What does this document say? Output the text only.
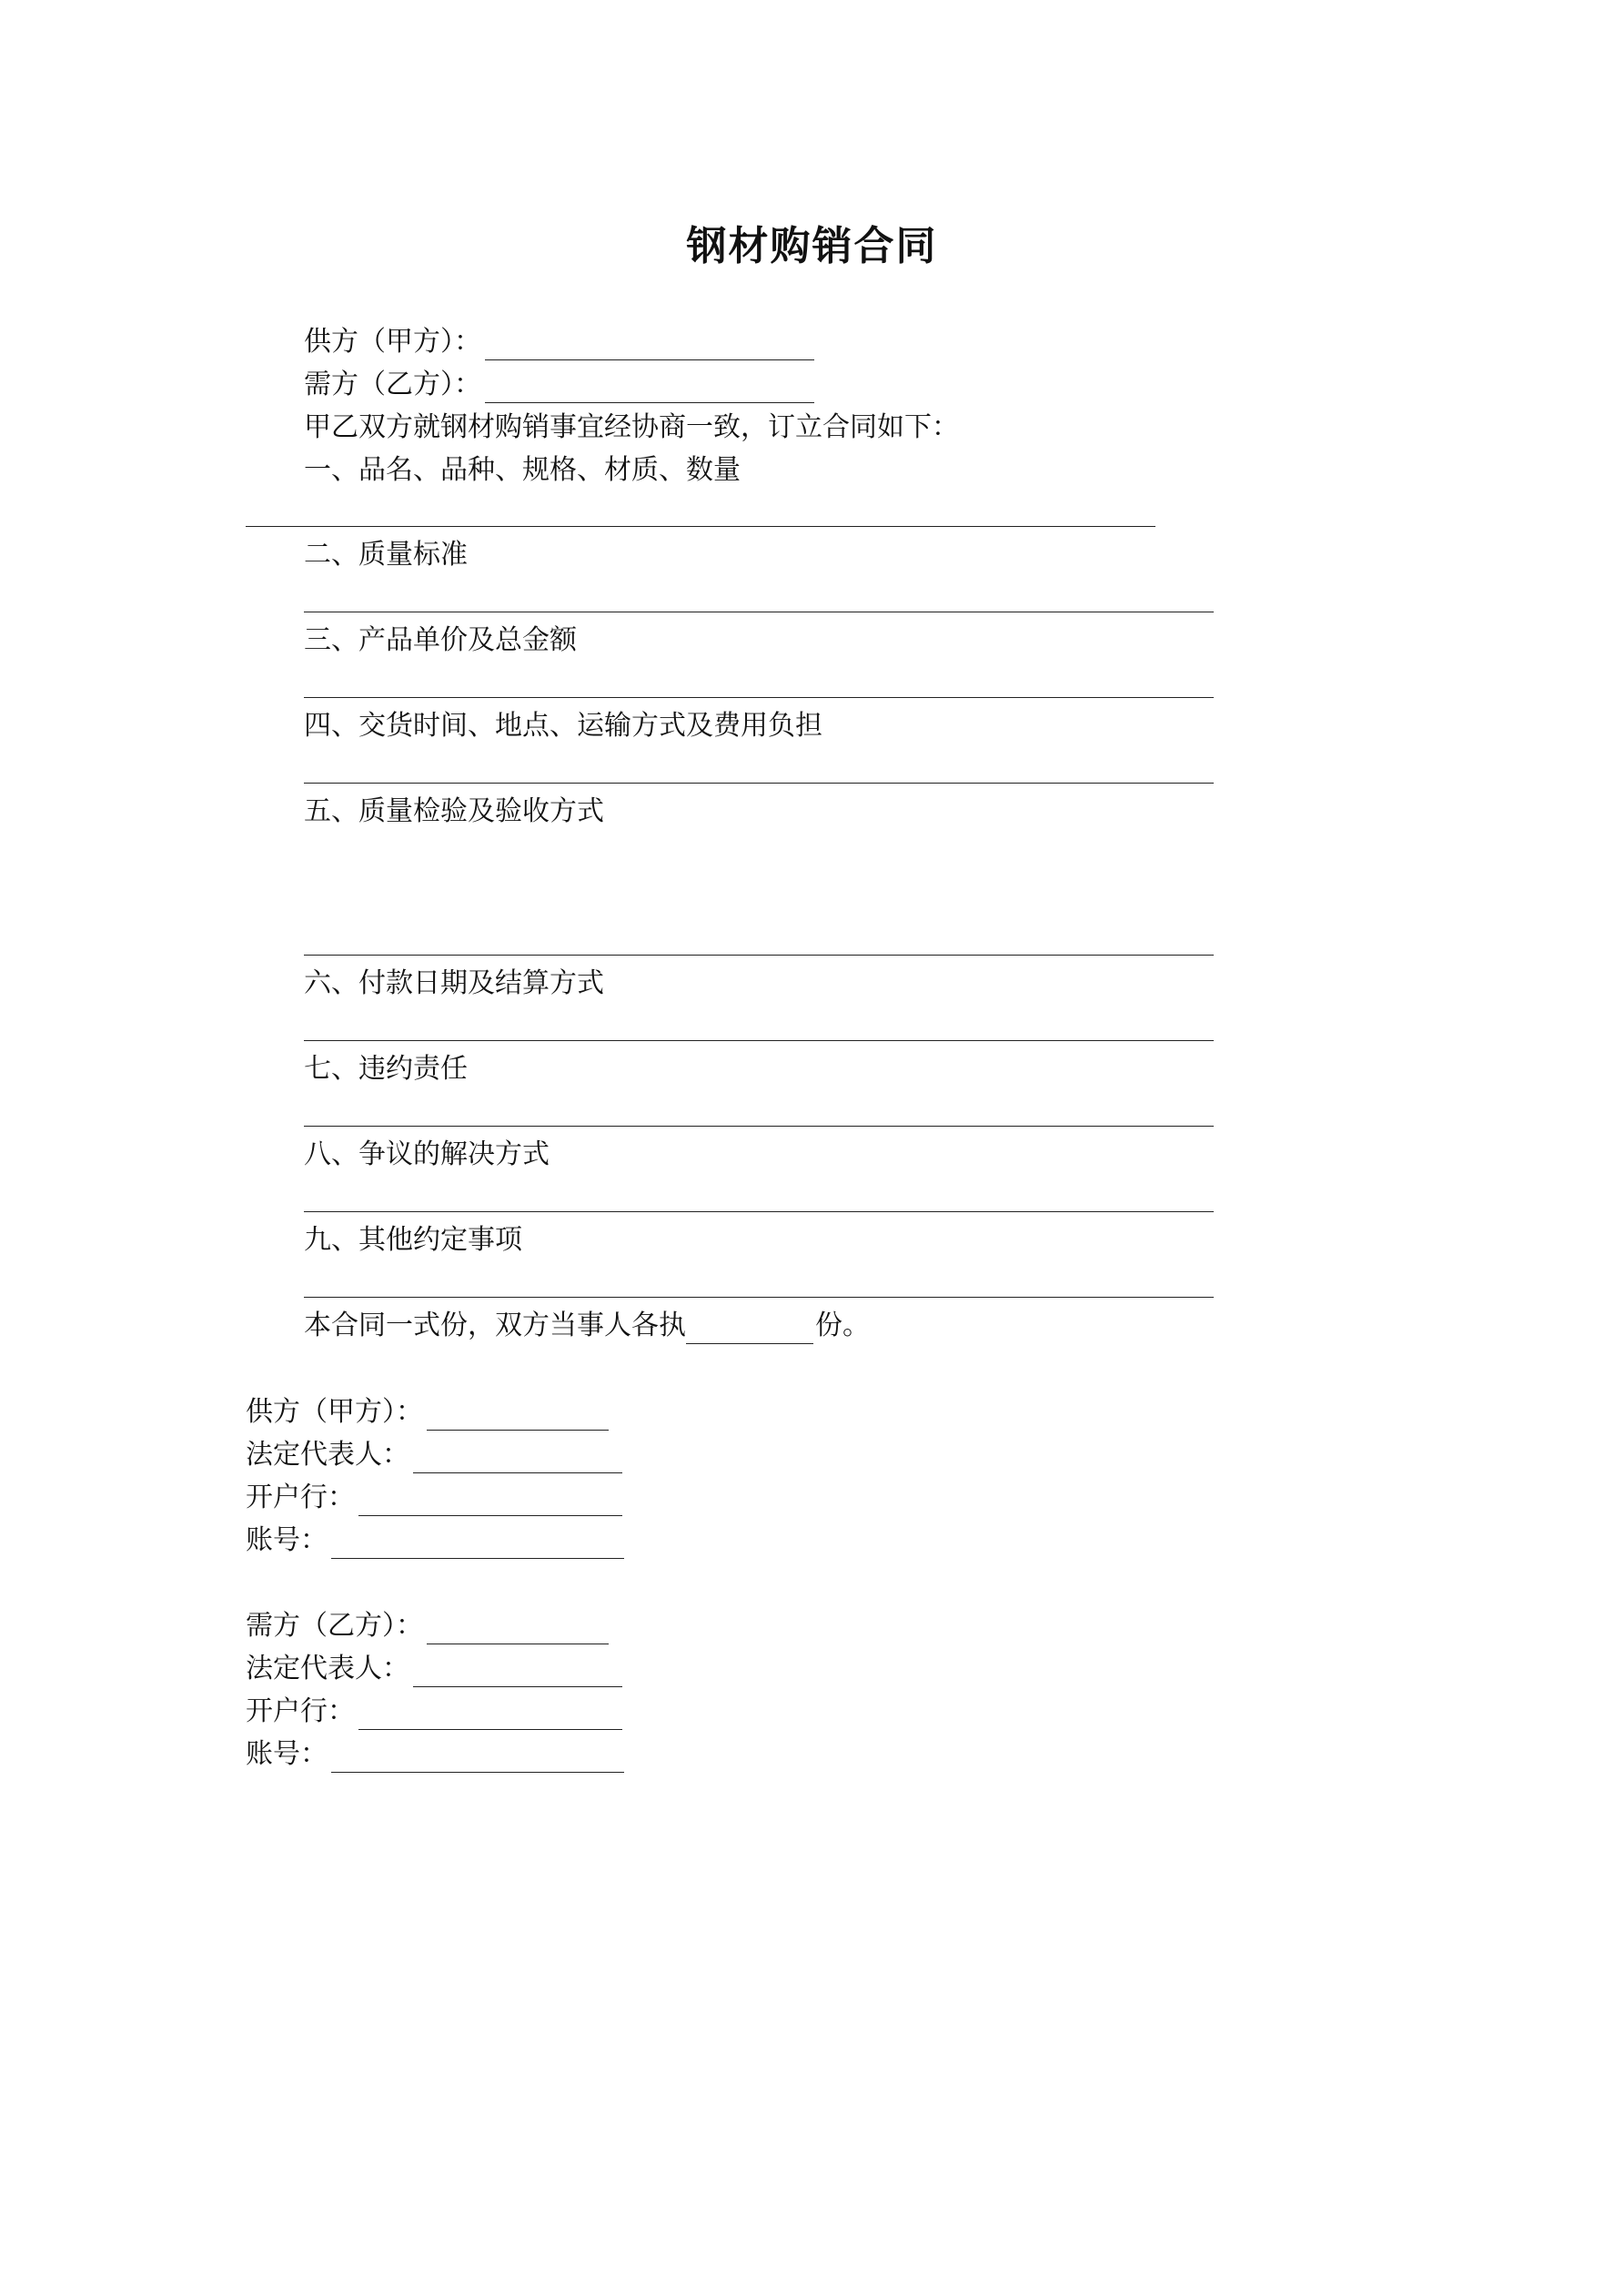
钢材购销合同
供方（甲方）：
需方（乙方）：
甲乙双方就钢材购销事宜经协商一致，订立合同如下：
一、品名、品种、规格、材质、数量
二、质量标准
三、产品单价及总金额
四、交货时间、地点、运输方式及费用负担
五、质量检验及验收方式
六、付款日期及结算方式
七、违约责任
八、争议的解决方式
九、其他约定事项
本合同一式份，双方当事人各执	份。
供方（甲方）：
法定代表人：
开户行：
账号：
需方（乙方）：
法定代表人：
开户行：
账号：
